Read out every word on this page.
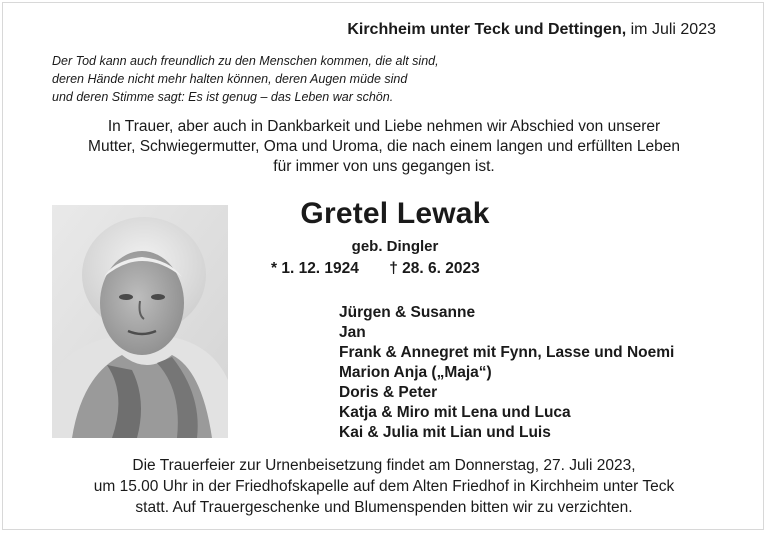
Kirchheim unter Teck und Dettingen, im Juli 2023
Der Tod kann auch freundlich zu den Menschen kommen, die alt sind,
deren Hände nicht mehr halten können, deren Augen müde sind
und deren Stimme sagt: Es ist genug – das Leben war schön.
In Trauer, aber auch in Dankbarkeit und Liebe nehmen wir Abschied von unserer
Mutter, Schwiegermutter, Oma und Uroma, die nach einem langen und erfüllten Leben
für immer von uns gegangen ist.
Gretel Lewak
geb. Dingler
* 1. 12. 1924 † 28. 6. 2023
Jürgen & Susanne
Jan
Frank & Annegret mit Fynn, Lasse und Noemi
Marion Anja („Maja“)
Doris & Peter
Katja & Miro mit Lena und Luca
Kai & Julia mit Lian und Luis
Die Trauerfeier zur Urnenbeisetzung findet am Donnerstag, 27. Juli 2023,
um 15.00 Uhr in der Friedhofskapelle auf dem Alten Friedhof in Kirchheim unter Teck
statt. Auf Trauergeschenke und Blumenspenden bitten wir zu verzichten.
